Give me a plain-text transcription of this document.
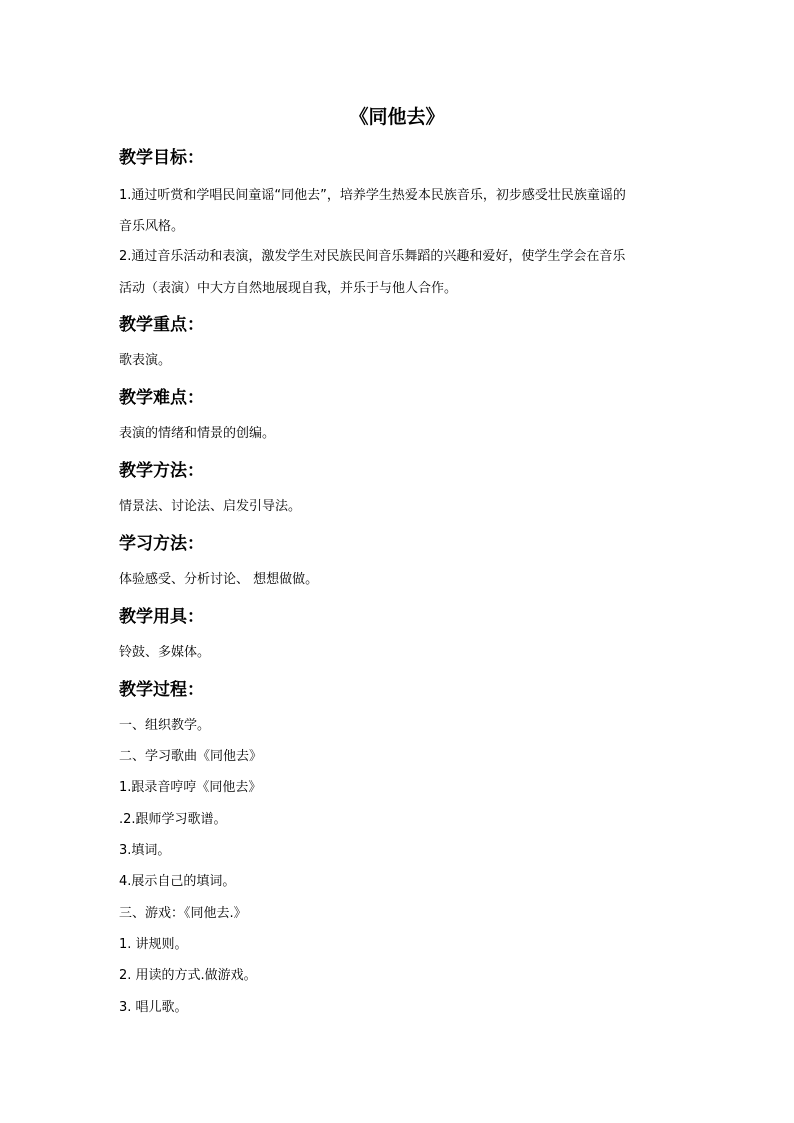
《同他去》
教学目标：
1.通过听赏和学唱民间童谣“同他去”，培养学生热爱本民族音乐，初步感受壮民族童谣的
音乐风格。
2.通过音乐活动和表演，激发学生对民族民间音乐舞蹈的兴趣和爱好，使学生学会在音乐
活动（表演）中大方自然地展现自我，并乐于与他人合作。
教学重点：
歌表演。
教学难点：
表演的情绪和情景的创编。
教学方法：
情景法、讨论法、启发引导法。
学习方法：
体验感受、分析讨论、 想想做做。
教学用具：
铃鼓、多媒体。
教学过程：
一、组织教学。
二、学习歌曲《同他去》
1.跟录音哼哼《同他去》
.2.跟师学习歌谱。
3.填词。
4.展示自己的填词。
三、游戏：《同他去.》
1. 讲规则。
2. 用读的方式.做游戏。
3. 唱儿歌。
